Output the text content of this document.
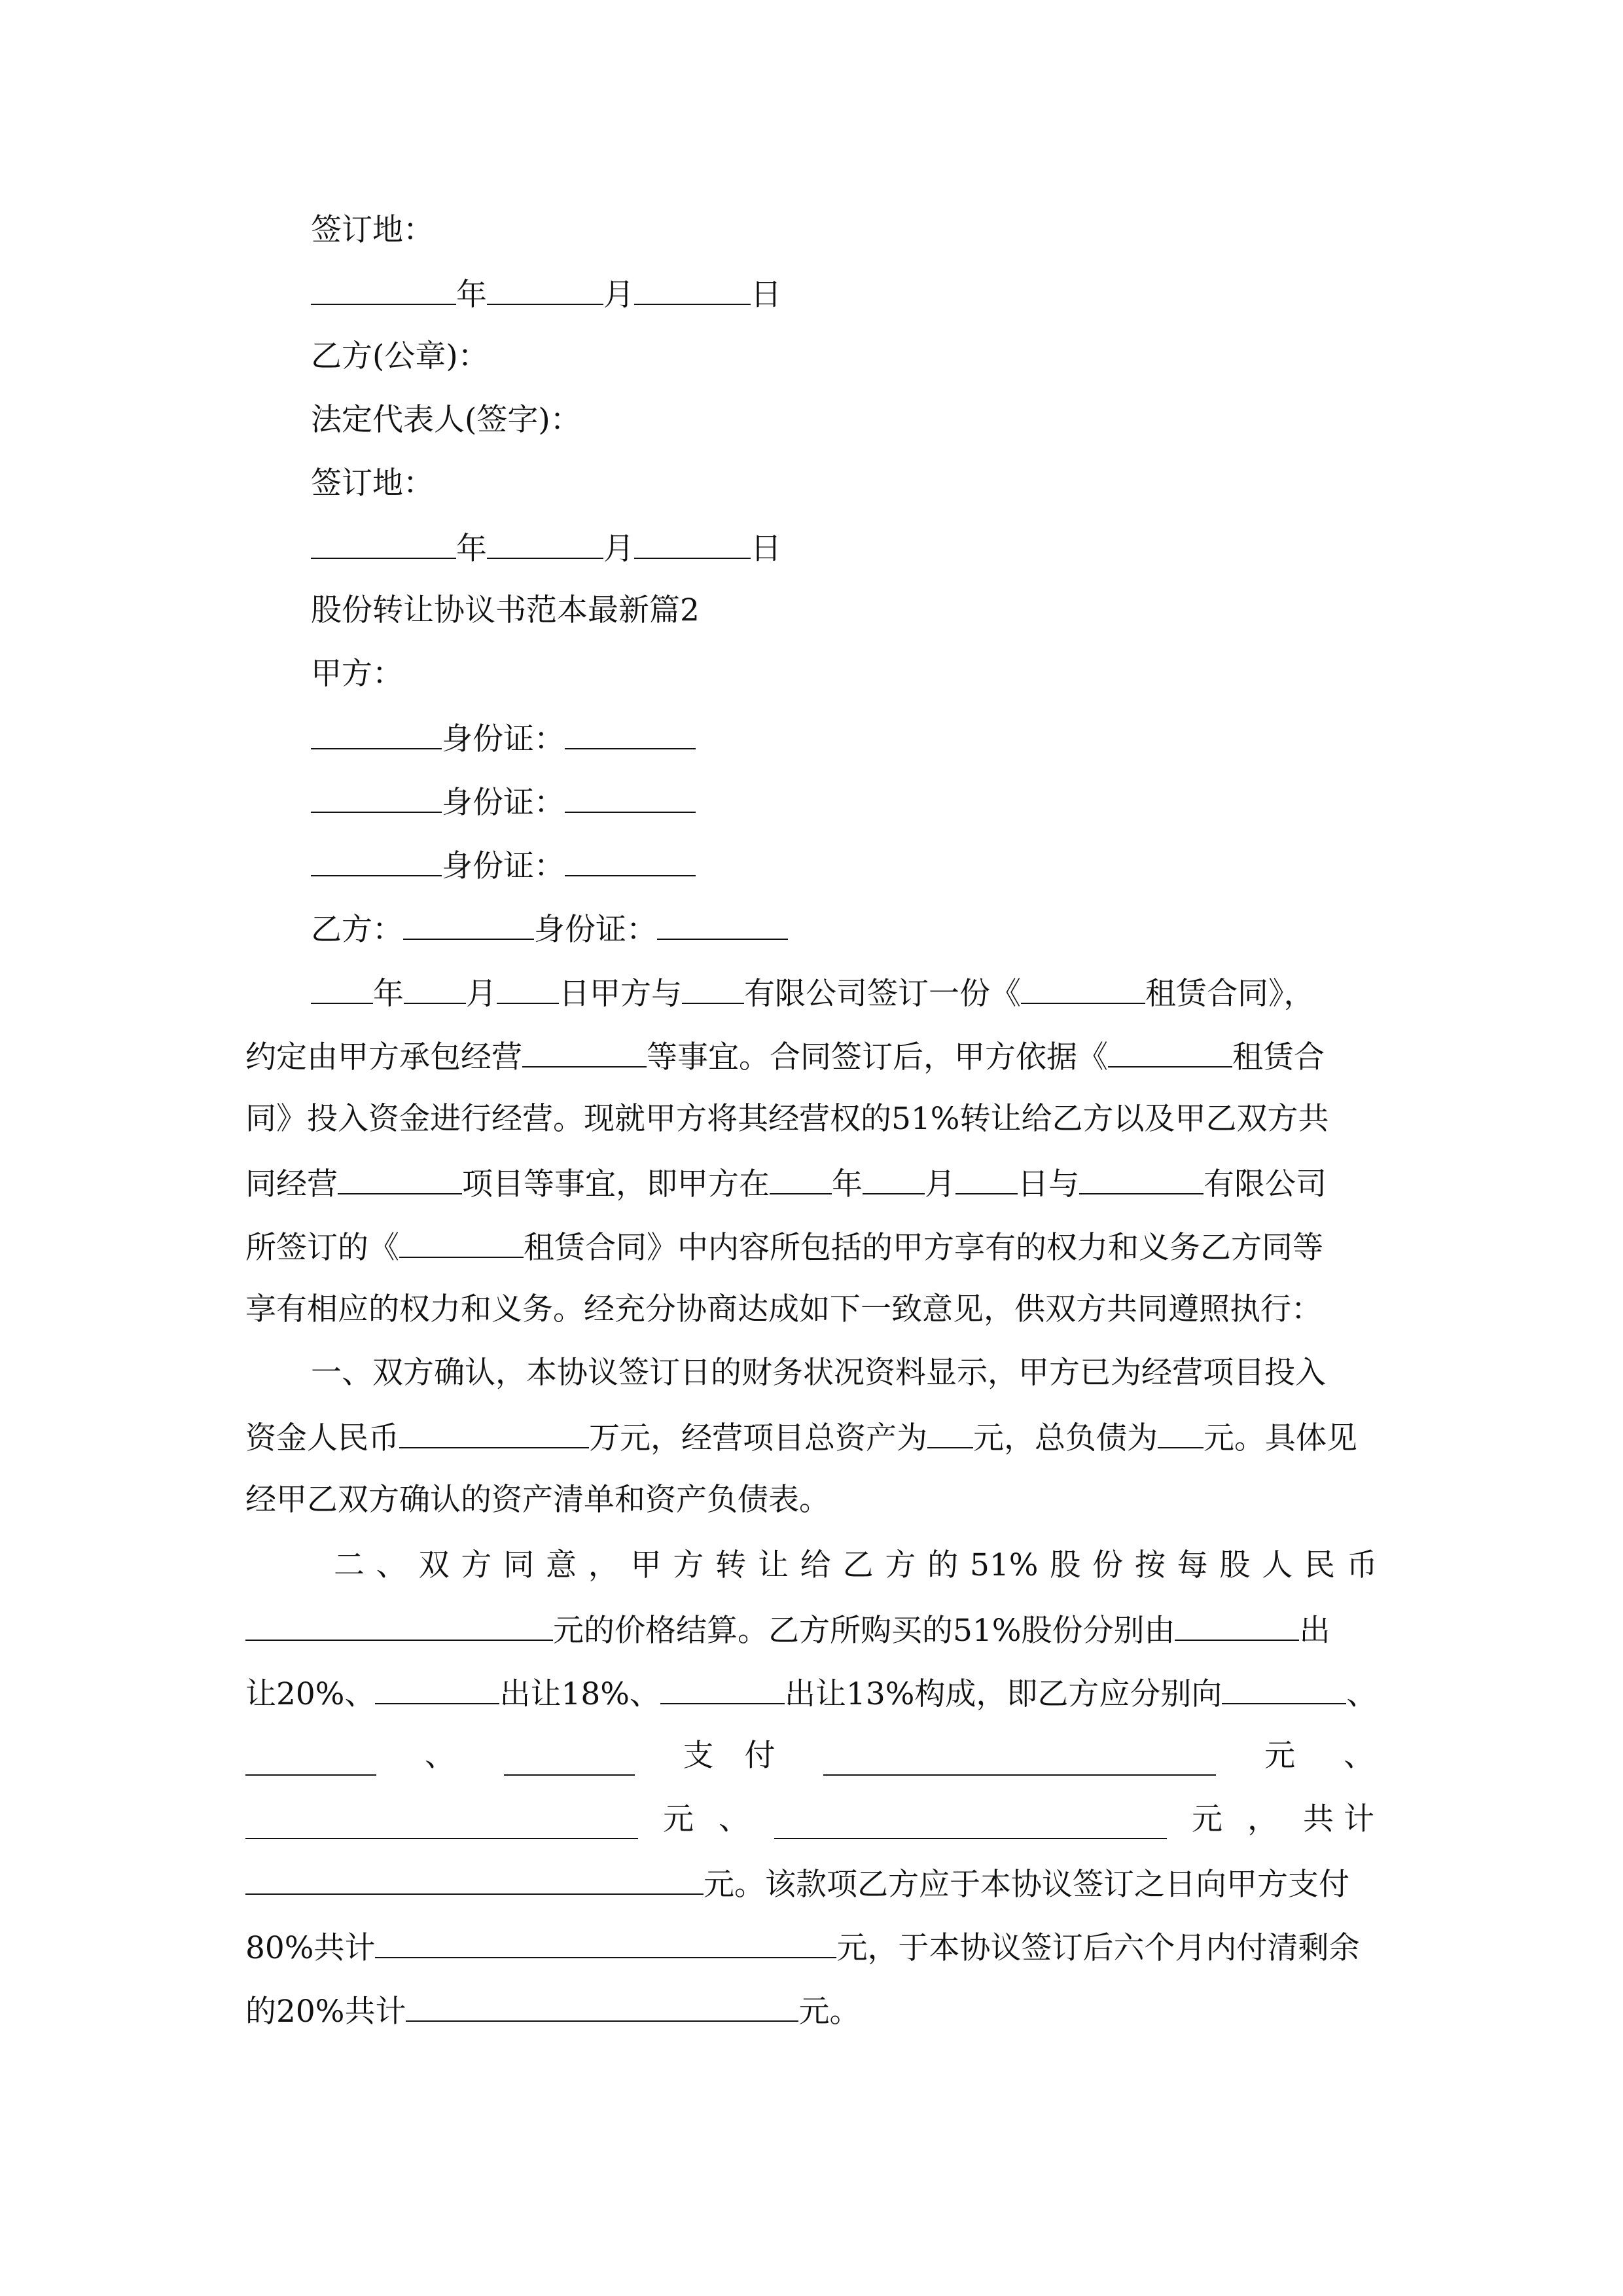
签订地：
年	月	日
乙方(公章)：
法定代表人(签字)：
签订地：
年	月	日
股份转让协议书范本最新篇2
甲方：
身份证：
身份证：
身份证：
乙方：	身份证：
年 月 日甲方与 有限公司签订一份《	租赁合同》，
约定由甲方承包经营	等事宜。合同签订后，甲方依据《	租赁合
同》投入资金进行经营。现就甲方将其经营权的51%转让给乙方以及甲乙双方共
同经营	项目等事宜，即甲方在 年 月 日与	有限公司
所签订的《	租赁合同》中内容所包括的甲方享有的权力和义务乙方同等
享有相应的权力和义务。经充分协商达成如下一致意见，供双方共同遵照执行：
一、双方确认，本协议签订日的财务状况资料显示，甲方已为经营项目投入
资金人民币	万元，经营项目总资产为 元，总负债为 元。具体见
经甲乙双方确认的资产清单和资产负债表。
二 、 双 方 同 意 ， 甲 方 转 让 给 乙 方 的 51% 股 份 按 每 股 人 民 币
元的价格结算。乙方所购买的51%股份分别由	出
让20%、	出让18%、	出让13%构成，即乙方应分别向	、
、	支　付	元 、
元 、	元 ， 共 计
元。该款项乙方应于本协议签订之日向甲方支付
80%共计	元，于本协议签订后六个月内付清剩余
的20%共计	元。
